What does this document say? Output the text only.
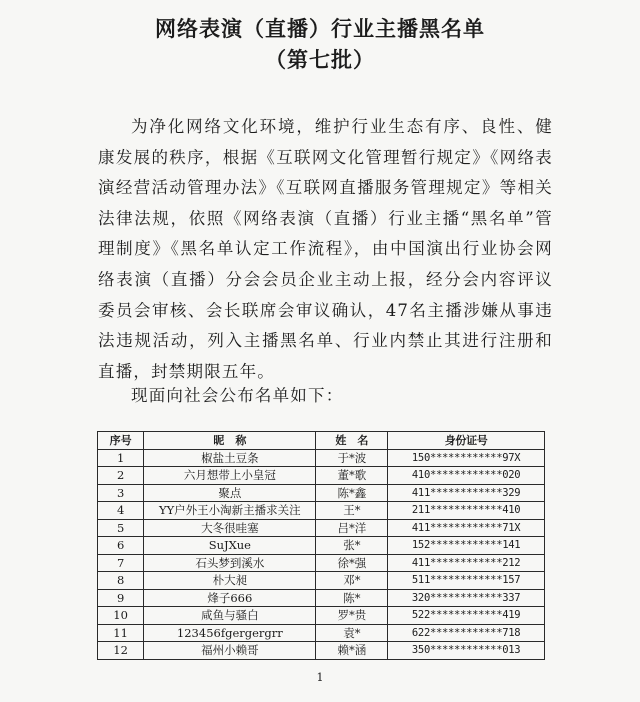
网络表演（直播）行业主播黑名单
（第七批）

为净化网络文化环境，维护行业生态有序、良性、健康发展的秩序，根据《互联网文化管理暂行规定》《网络表演经营活动管理办法》《互联网直播服务管理规定》等相关法律法规，依照《网络表演（直播）行业主播“黑名单”管理制度》《黑名单认定工作流程》，由中国演出行业协会网络表演（直播）分会会员企业主动上报，经分会内容评议委员会审核、会长联席会审议确认，47名主播涉嫌从事违法违规活动，列入主播黑名单、行业内禁止其进行注册和直播，封禁期限五年。

现面向社会公布名单如下：

序号	昵　称	姓　名	身份证号
1	椒盐土豆条	于*波	150************97X
2	六月想带上小皇冠	董*歌	410************020
3	聚点	陈*鑫	411************329
4	YY户外王小淘新主播求关注	王*	211************410
5	大冬很哇塞	吕*洋	411************71X
6	SuJXue	张*	152************141
7	石头梦到溪水	徐*强	411************212
8	朴大昶	邓*	511************157
9	烽子666	陈*	320************337
10	咸鱼与骚白	罗*贵	522************419
11	123456fgergergrr	袁*	622************718
12	福州小赖哥	赖*涵	350************013
1
